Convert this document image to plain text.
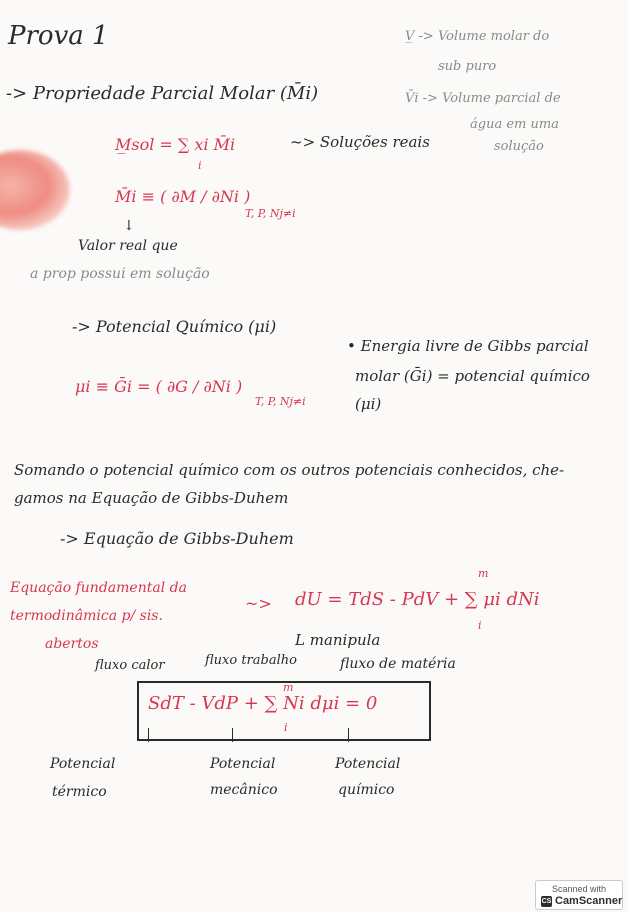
Prova 1	V̲ -> Volume molar do
sub puro
V̄i -> Volume parcial de
água em uma
solução
-> Propriedade Parcial Molar (M̄i)
M̲sol = ∑ xi M̄i
i
~> Soluções reais
M̄i ≡ ( ∂M / ∂Ni )
T, P, Nj≠i
↓
Valor real que
a prop possui em solução
-> Potencial Químico (μi)
μi ≡ Ḡi = ( ∂G / ∂Ni )
T, P, Nj≠i
• Energia livre de Gibbs parcial
molar (Ḡi) = potencial químico
(μi)
Somando o potencial químico com os outros potenciais conhecidos, che-
gamos na Equação de Gibbs-Duhem
-> Equação de Gibbs-Duhem
Equação fundamental da
termodinâmica p/ sis.
abertos
~> dU = TdS - PdV + ∑ μi dNi
m
i
L manipula
fluxo calor	fluxo trabalho	fluxo de matéria
SdT - VdP + ∑ Ni dμi = 0
m
i
Potencial
térmico
Potencial
mecânico
Potencial
químico
Scanned with
CS CamScanner
